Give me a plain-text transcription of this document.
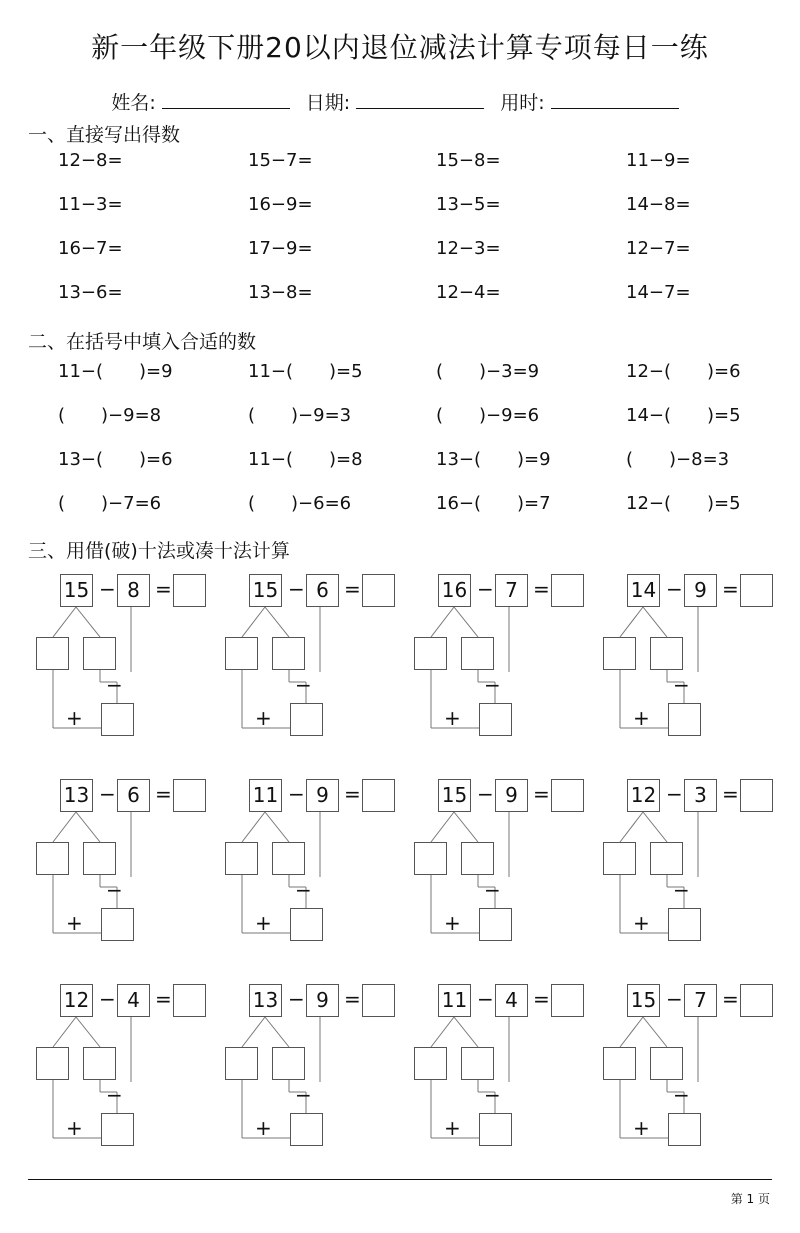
新一年级下册20以内退位减法计算专项每日一练
姓名:	日期:	用时:
一、直接写出得数
12−8=	15−7=	15−8=	11−9=
11−3=	16−9=	13−5=	14−8=
16−7=	17−9=	12−3=	12−7=
13−6=	13−8=	12−4=	14−7=
二、在括号中填入合适的数
11−(　　)=9	11−(　　)=5	(　　)−3=9	12−(　　)=6
(　　)−9=8	(　　)−9=3	(　　)−9=6	14−(　　)=5
13−(　　)=6	11−(　　)=8	13−(　　)=9	(　　)−8=3
(　　)−7=6	(　　)−6=6	16−(　　)=7	12−(　　)=5
三、用借(破)十法或凑十法计算
15 − 8 =
−
+
15 − 6 =
−
+
16 − 7 =
−
+
14 − 9 =
−
+
13 − 6 =
−
+
11 − 9 =
−
+
15 − 9 =
−
+
12 − 3 =
−
+
12 − 4 =
−
+
13 − 9 =
−
+
11 − 4 =
−
+
15 − 7 =
−
+
第 1 页
